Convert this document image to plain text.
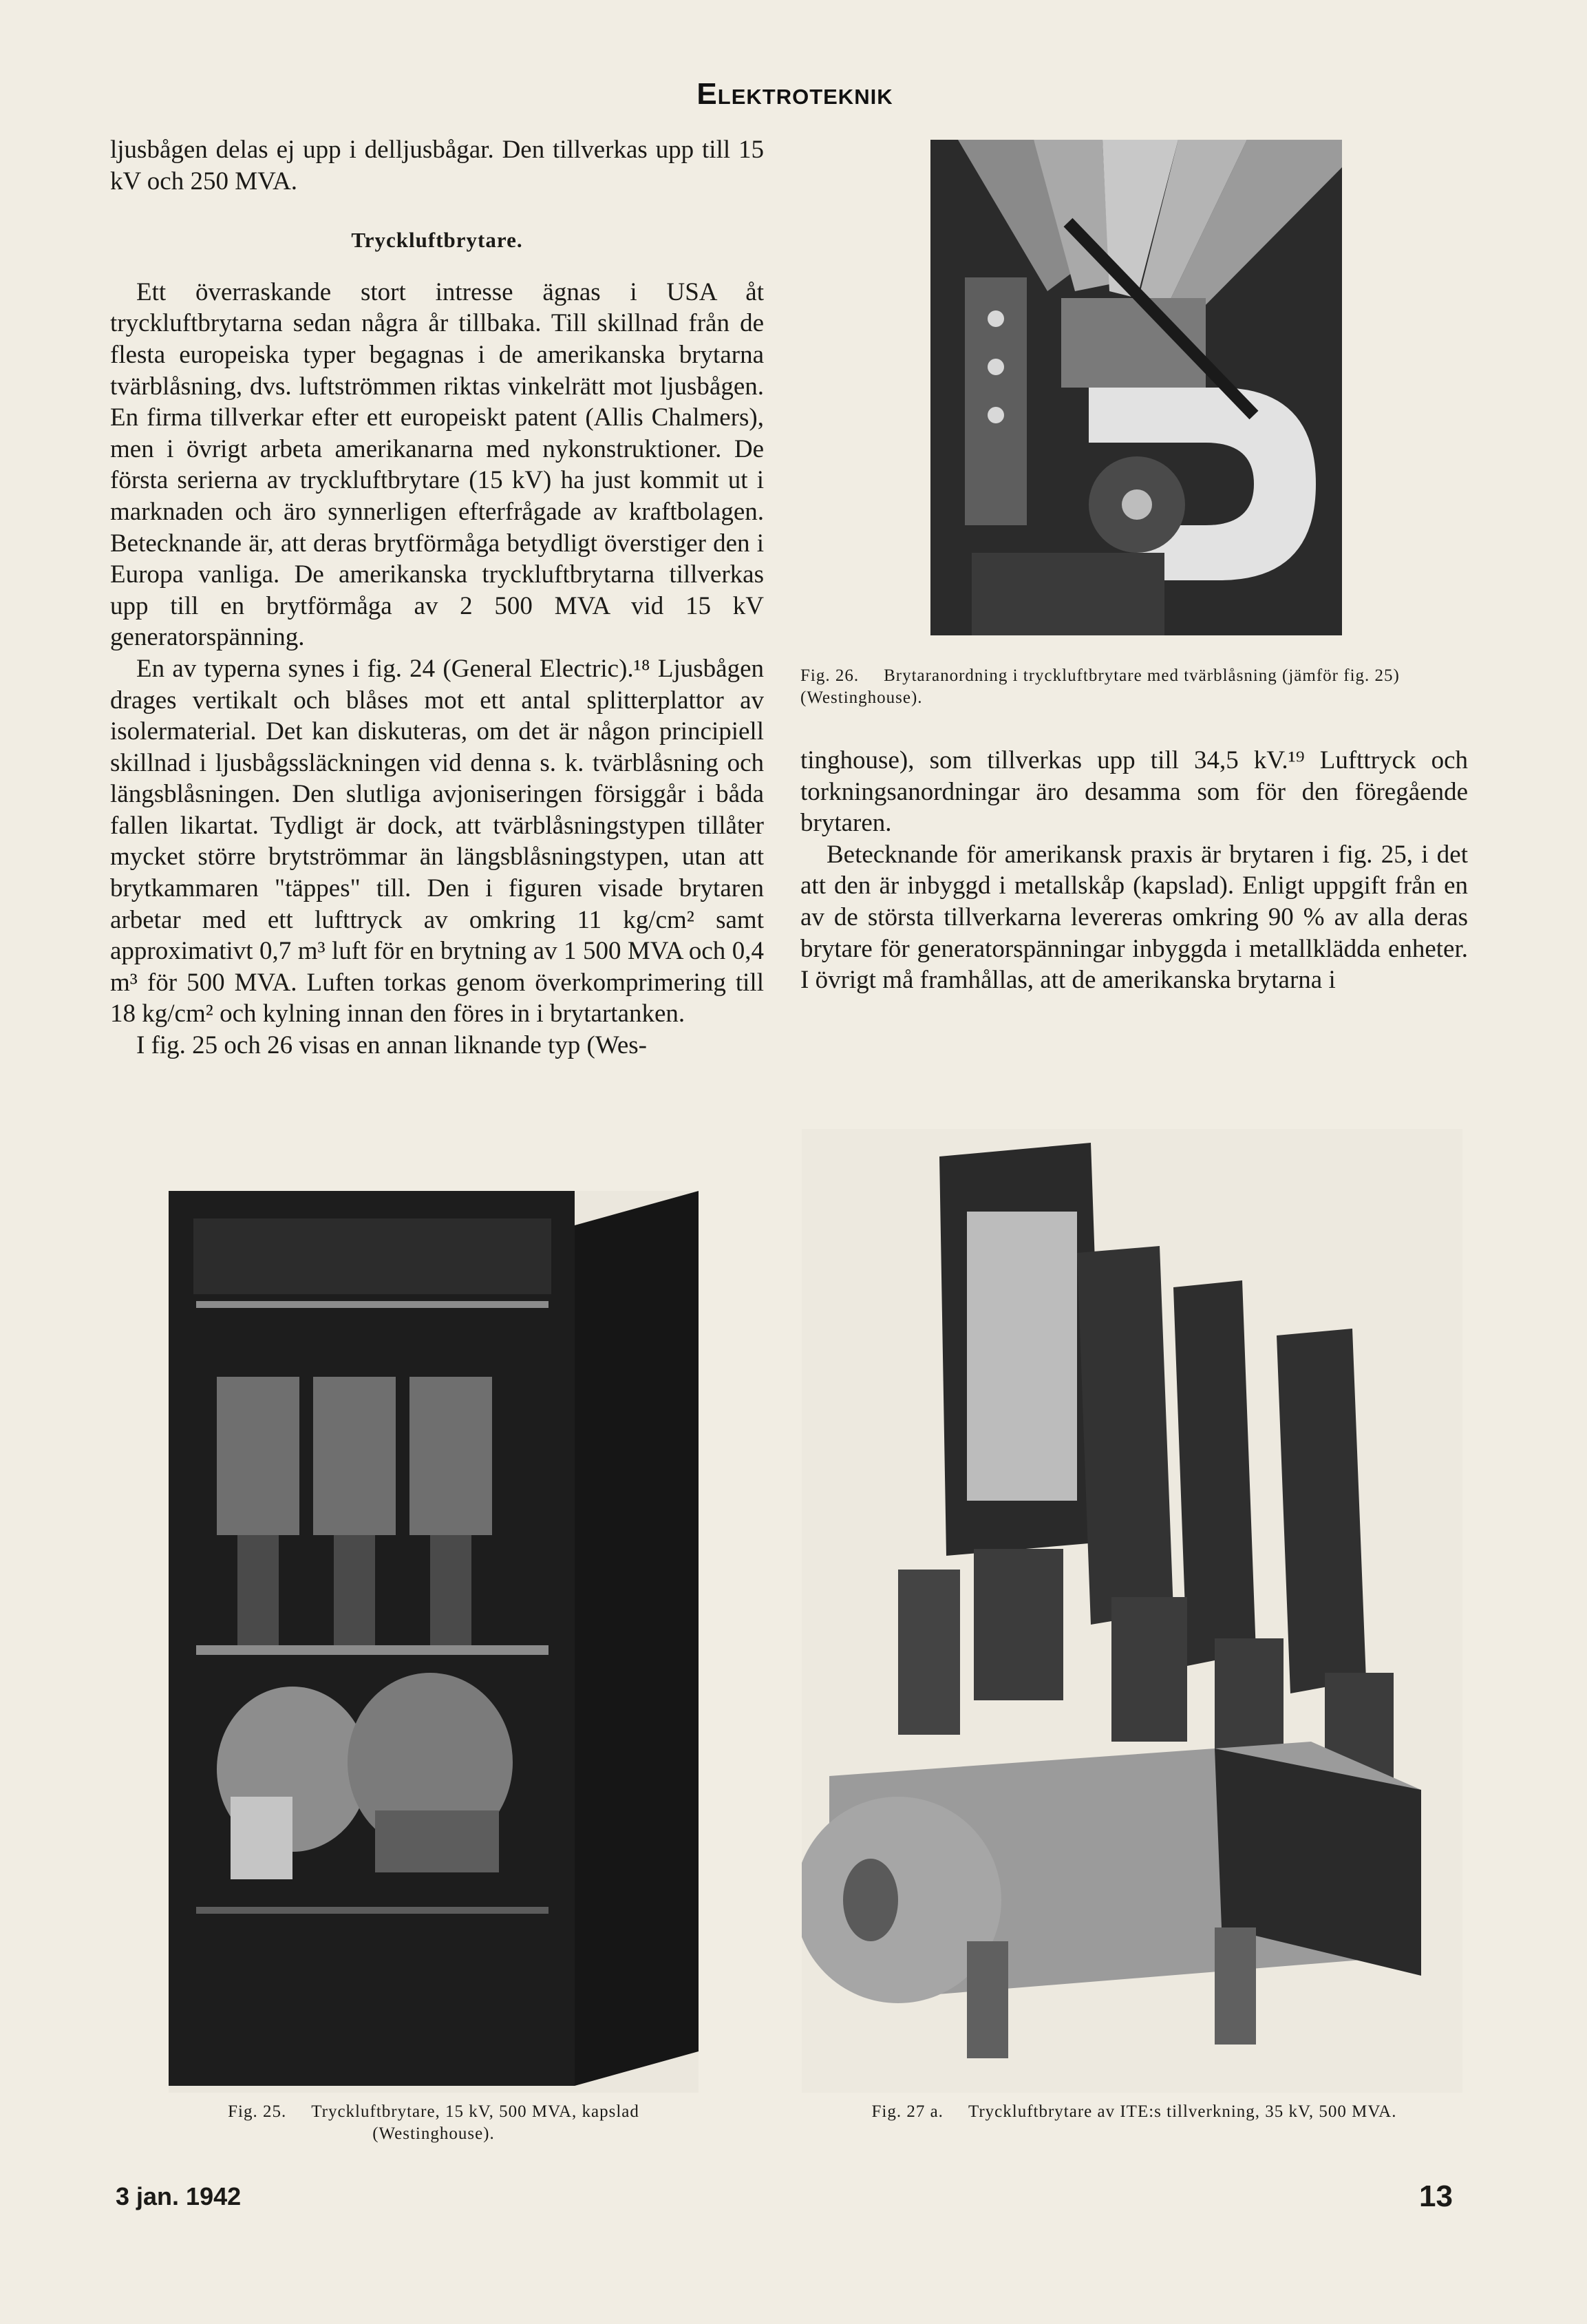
Elektroteknik

ljusbågen delas ej upp i delljusbågar. Den tillverkas upp till 15 kV och 250 MVA.

Tryckluftbrytare.

Ett överraskande stort intresse ägnas i USA åt tryckluftbrytarna sedan några år tillbaka. Till skillnad från de flesta europeiska typer begagnas i de amerikanska brytarna tvärblåsning, dvs. luftströmmen riktas vinkelrätt mot ljusbågen. En firma tillverkar efter ett europeiskt patent (Allis Chalmers), men i övrigt arbeta amerikanarna med nykonstruktioner. De första serierna av tryckluftbrytare (15 kV) ha just kommit ut i marknaden och äro synnerligen efterfrågade av kraftbolagen. Betecknande är, att deras brytförmåga betydligt överstiger den i Europa vanliga. De amerikanska tryckluftbrytarna tillverkas upp till en brytförmåga av 2 500 MVA vid 15 kV generatorspänning.

En av typerna synes i fig. 24 (General Electric).¹⁸ Ljusbågen drages vertikalt och blåses mot ett antal splitterplattor av isolermaterial. Det kan diskuteras, om det är någon principiell skillnad i ljusbågssläckningen vid denna s. k. tvärblåsning och längsblåsningen. Den slutliga avjoniseringen försiggår i båda fallen likartat. Tydligt är dock, att tvärblåsningstypen tillåter mycket större brytströmmar än längsblåsningstypen, utan att brytkammaren "täppes" till. Den i figuren visade brytaren arbetar med ett lufttryck av omkring 11 kg/cm² samt approximativt 0,7 m³ luft för en brytning av 1 500 MVA och 0,4 m³ för 500 MVA. Luften torkas genom överkomprimering till 18 kg/cm² och kylning innan den föres in i brytartanken.

I fig. 25 och 26 visas en annan liknande typ (Wes-

Fig. 26. Brytaranordning i tryckluftbrytare med tvärblåsning (jämför fig. 25) (Westinghouse).

tinghouse), som tillverkas upp till 34,5 kV.¹⁹ Lufttryck och torkningsanordningar äro desamma som för den föregående brytaren.

Betecknande för amerikansk praxis är brytaren i fig. 25, i det att den är inbyggd i metallskåp (kapslad). Enligt uppgift från en av de största tillverkarna levereras omkring 90 % av alla deras brytare för generatorspänningar inbyggda i metallklädda enheter. I övrigt må framhållas, att de amerikanska brytarna i

Fig. 25. Tryckluftbrytare, 15 kV, 500 MVA, kapslad (Westinghouse).
Fig. 27 a. Tryckluftbrytare av ITE:s tillverkning, 35 kV, 500 MVA.
3 jan. 1942	13
